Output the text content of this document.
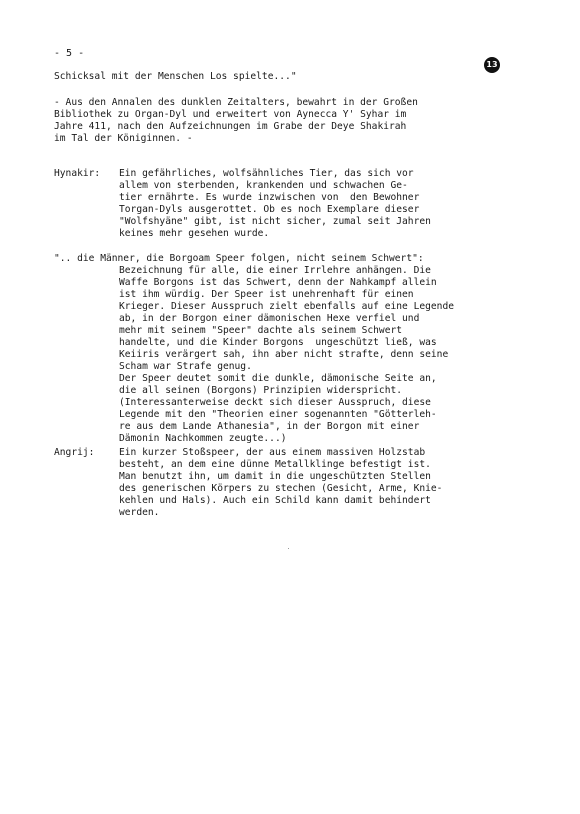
- 5 -
13
Schicksal mit der Menschen Los spielte..."
- Aus den Annalen des dunklen Zeitalters, bewahrt in der Großen
Bibliothek zu Organ-Dyl und erweitert von Aynecca Y' Syhar im
Jahre 411, nach den Aufzeichnungen im Grabe der Deye Shakirah
im Tal der Königinnen. -
Hynakir: Ein gefährliches, wolfsähnliches Tier, das sich vor
allem von sterbenden, krankenden und schwachen Ge-
tier ernährte. Es wurde inzwischen von  den Bewohner
Torgan-Dyls ausgerottet. Ob es noch Exemplare dieser
"Wolfshyäne" gibt, ist nicht sicher, zumal seit Jahren
keines mehr gesehen wurde.
".. die Männer, die Borgoam Speer folgen, nicht seinem Schwert":
Bezeichnung für alle, die einer Irrlehre anhängen. Die
Waffe Borgons ist das Schwert, denn der Nahkampf allein
ist ihm würdig. Der Speer ist unehrenhaft für einen
Krieger. Dieser Ausspruch zielt ebenfalls auf eine Legende
ab, in der Borgon einer dämonischen Hexe verfiel und
mehr mit seinem "Speer" dachte als seinem Schwert
handelte, und die Kinder Borgons  ungeschützt ließ, was
Keiiris verärgert sah, ihn aber nicht strafte, denn seine
Scham war Strafe genug.
Der Speer deutet somit die dunkle, dämonische Seite an,
die all seinen (Borgons) Prinzipien widerspricht.
(Interessanterweise deckt sich dieser Ausspruch, diese
Legende mit den "Theorien einer sogenannten "Götterleh-
re aus dem Lande Athanesia", in der Borgon mit einer
Dämonin Nachkommen zeugte...)
Angrij:	Ein kurzer Stoßspeer, der aus einem massiven Holzstab
besteht, an dem eine dünne Metallklinge befestigt ist.
Man benutzt ihn, um damit in die ungeschützten Stellen
des generischen Körpers zu stechen (Gesicht, Arme, Knie-
kehlen und Hals). Auch ein Schild kann damit behindert
werden.
